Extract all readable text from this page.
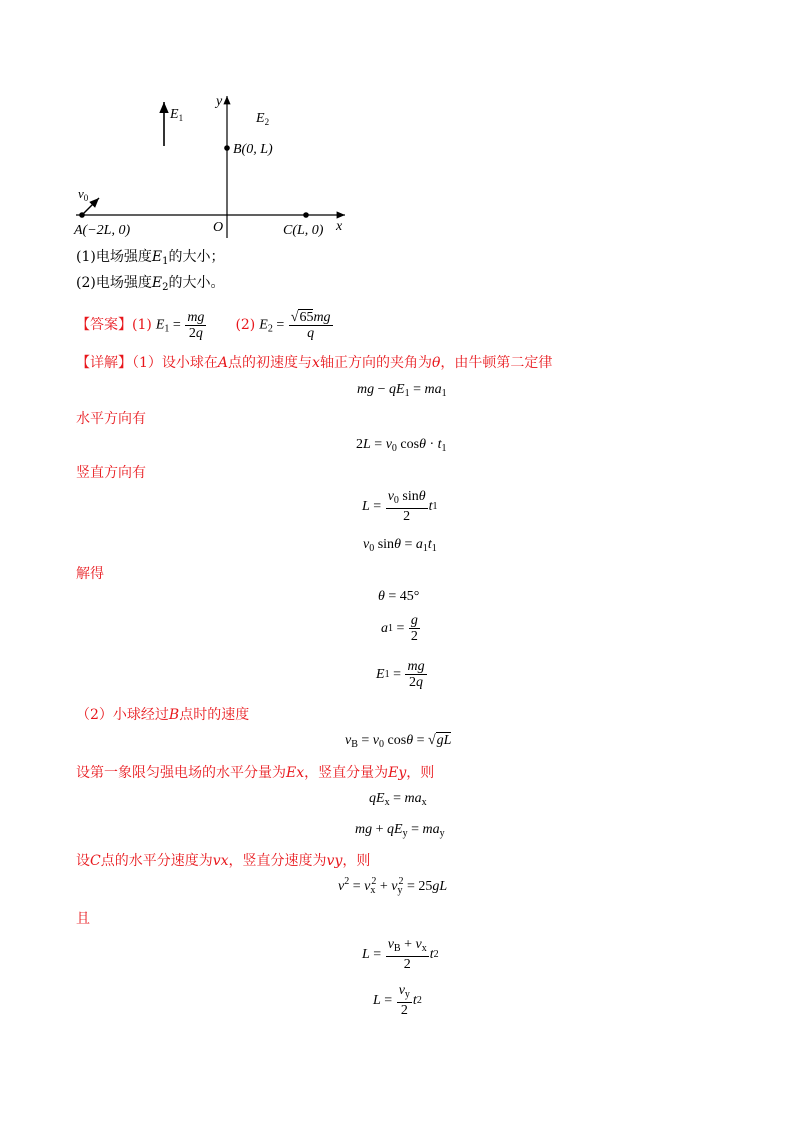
$E_1$
y
$E_2$
B(0, L)
x
O
A(−2L, 0)
$v_0$
C(L, 0)
(1)电场强度$E_1$的大小；
(2)电场强度$E_2$的大小。
【答案】 (1) $E_1 = \frac{mg}{2q} (2) E_2 = \frac{√65mg}{q}$
【详解】（1）设小球在A点的初速度与x轴正方向的夹角为θ，由牛顿第二定律
mg − $qE_1 = ma_1$
水平方向有
$2L = v_0$ $\cos\theta \cdot t_1$
竖直方向有
$L = \frac{v_0 \sin\theta}{2}$ t 1
$v_0$ $\sin\theta = a_1t_1$
解得
θ = 45°
a $1 = \frac{g}{2}$
E $1 = \frac{mg}{2q}$
（2）小球经过B点时的速度
$v_B = v_0$ cosθ = √gL
设第一象限匀强电场的水平分量为Ex，竖直分量为Ey，则
$qE_x = ma_x$
mg + $qE_y = ma_y$
设C点的水平分速度为vx，竖直分速度为vy，则
$v^2 = v_x^2 + v_y^2 = 25gL$
且
$L = \frac{v_B + v_x}{2}$ t 2
$L = \frac{v_y}{2}$ t 2
